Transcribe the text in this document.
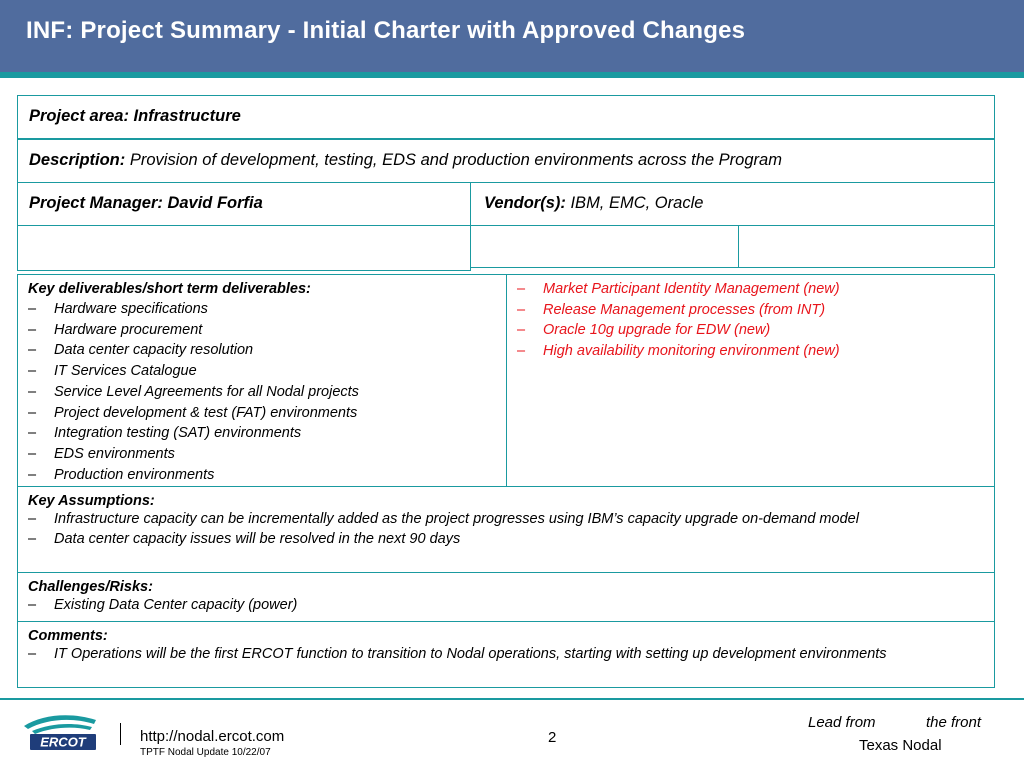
INF: Project Summary - Initial Charter with Approved Changes
Project area: Infrastructure
Description: Provision of development, testing, EDS and production environments across the Program
Project Manager: David Forfia	Vendor(s): IBM, EMC, Oracle
Key deliverables/short term deliverables:
– Hardware specifications
– Hardware procurement
– Data center capacity resolution
– IT Services Catalogue
– Service Level Agreements for all Nodal projects
– Project development & test (FAT) environments
– Integration testing (SAT) environments
– EDS environments
– Production environments
– Market Participant Identity Management (new)
– Release Management processes (from INT)
– Oracle 10g upgrade for EDW (new)
– High availability monitoring environment (new)
Key Assumptions:
– Infrastructure capacity can be incrementally added as the project progresses using IBM’s capacity upgrade on-demand model
– Data center capacity issues will be resolved in the next 90 days
Challenges/Risks:
– Existing Data Center capacity (power)
Comments:
– IT Operations will be the first ERCOT function to transition to Nodal operations, starting with setting up development environments
ERCOT	http://nodal.ercot.com
TPTF Nodal Update 10/22/07
2
Lead from	the front
Texas Nodal
